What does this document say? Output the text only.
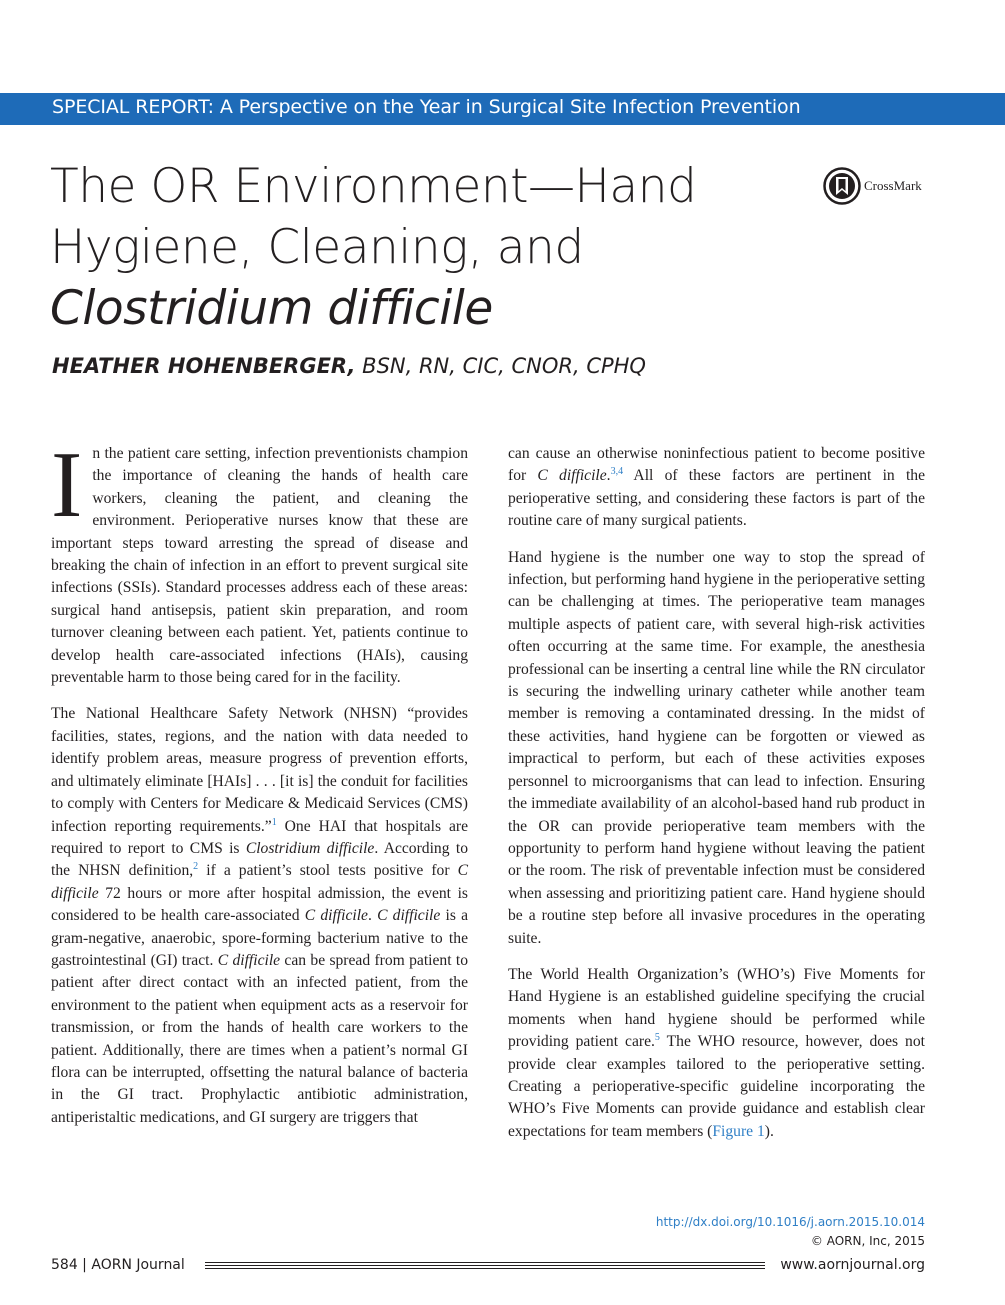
SPECIAL REPORT: A Perspective on the Year in Surgical Site Infection Prevention
The OR Environment—Hand
Hygiene, Cleaning, and
Clostridium difficile
CrossMark
HEATHER HOHENBERGER, BSN, RN, CIC, CNOR, CPHQ

In the patient care setting, infection preventionists champion the importance of cleaning the hands of health care workers, cleaning the patient, and cleaning the environment. Perioperative nurses know that these are important steps toward arresting the spread of disease and breaking the chain of infection in an effort to prevent surgical site infections (SSIs). Standard processes address each of these areas: surgical hand antisepsis, patient skin preparation, and room turnover cleaning between each patient. Yet, patients continue to develop health care-associated infections (HAIs), causing preventable harm to those being cared for in the facility.

The National Healthcare Safety Network (NHSN) “provides facilities, states, regions, and the nation with data needed to identify problem areas, measure progress of prevention efforts, and ultimately eliminate [HAIs] . . . [it is] the conduit for facilities to comply with Centers for Medicare & Medicaid Services (CMS) infection reporting requirements.”$^1$ One HAI that hospitals are required to report to CMS is Clostridium difficile. According to the NHSN definition,$^2$ if a patient’s stool tests positive for C difficile 72 hours or more after hospital admission, the event is considered to be health care-associated C difficile. C difficile is a gram-negative, anaerobic, spore-forming bacterium native to the gastrointestinal (GI) tract. C difficile can be spread from patient to patient after direct contact with an infected patient, from the environment to the patient when equipment acts as a reservoir for transmission, or from the hands of health care workers to the patient. Additionally, there are times when a patient’s normal GI flora can be interrupted, offsetting the natural balance of bacteria in the GI tract. Prophylactic antibiotic administration, antiperistaltic medications, and GI surgery are triggers that

can cause an otherwise noninfectious patient to become positive for C difficile.$^{3,4}$ All of these factors are pertinent in the perioperative setting, and considering these factors is part of the routine care of many surgical patients.

Hand hygiene is the number one way to stop the spread of infection, but performing hand hygiene in the perioperative setting can be challenging at times. The perioperative team manages multiple aspects of patient care, with several high-risk activities often occurring at the same time. For example, the anesthesia professional can be inserting a central line while the RN circulator is securing the indwelling urinary catheter while another team member is removing a contaminated dressing. In the midst of these activities, hand hygiene can be forgotten or viewed as impractical to perform, but each of these activities exposes personnel to microorganisms that can lead to infection. Ensuring the immediate availability of an alcohol-based hand rub product in the OR can provide perioperative team members with the opportunity to perform hand hygiene without leaving the patient or the room. The risk of preventable infection must be considered when assessing and prioritizing patient care. Hand hygiene should be a routine step before all invasive procedures in the operating suite.

The World Health Organization’s (WHO’s) Five Moments for Hand Hygiene is an established guideline specifying the crucial moments when hand hygiene should be performed while providing patient care.$^5$ The WHO resource, however, does not provide clear examples tailored to the perioperative setting. Creating a perioperative-specific guideline incorporating the WHO’s Five Moments can provide guidance and establish clear expectations for team members (Figure 1).

http://dx.doi.org/10.1016/j.aorn.2015.10.014
© AORN, Inc, 2015
584 | AORN Journal	www.aornjournal.org
